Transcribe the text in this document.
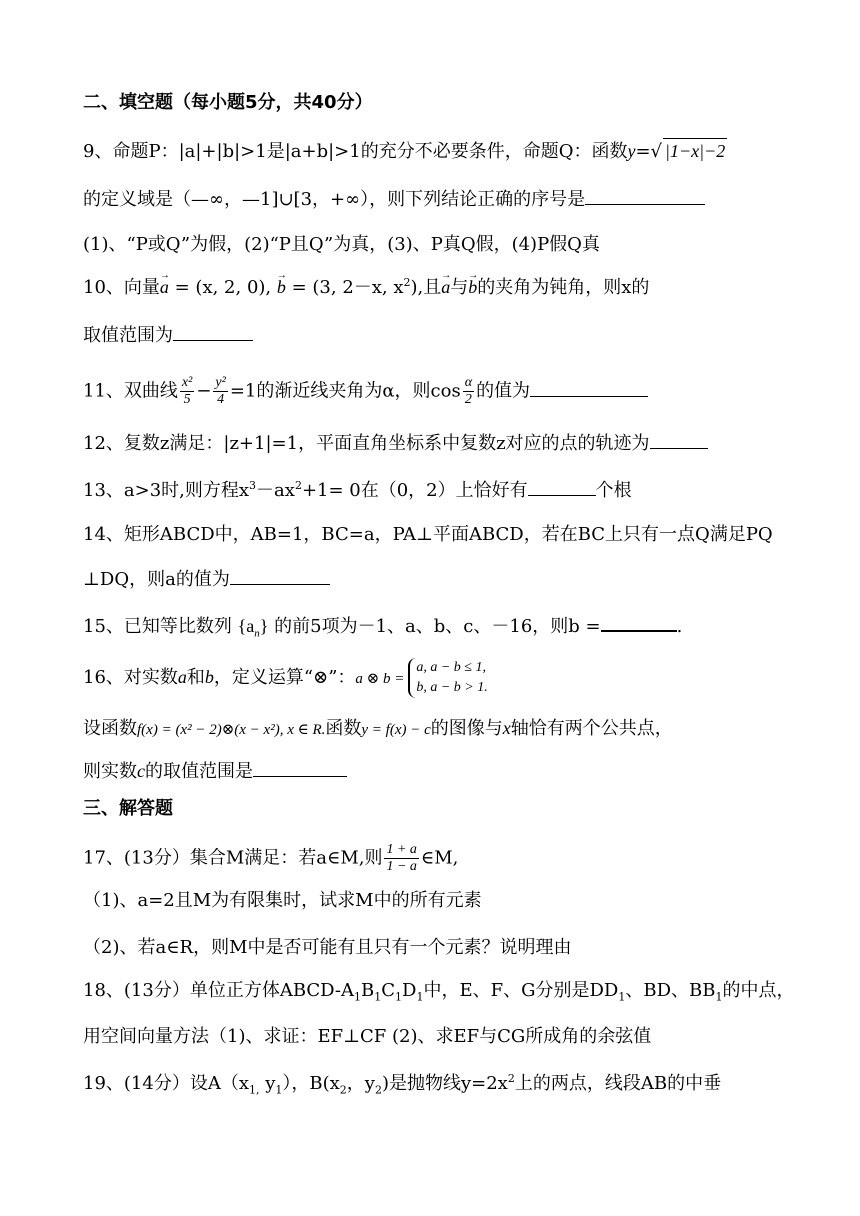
二、填空题（每小题5分，共40分）
9、命题P：|a|+|b|>1是|a+b|>1的充分不必要条件，命题Q：函数y=√ |1−x|−2
的定义域是（—∞，—1]∪[3，+∞），则下列结论正确的序号是
(1)、“P或Q”为假，(2)“P且Q”为真，(3)、P真Q假，(4)P假Q真
10、向量→ a = (x, 2, 0), → b = (3, 2－x, $x^2$),且→ a与→ b的夹角为钝角，则x的
取值范围为
11、双曲线 $\frac{\text{x²}}{5} - \frac{\text{y²}}{4} =1$的渐近线夹角为α，则$\cos \frac{\alpha}{2}$ 的值为
12、复数z满足：|z+1|=1，平面直角坐标系中复数z对应的点的轨迹为
13、a>3时,则方程$x^3-ax^2+1= 0$在（0，2）上恰好有	个根
14、矩形ABCD中，AB=1，BC=a，PA⊥平面ABCD，若在BC上只有一点Q满足PQ
⊥DQ，则a的值为
15、已知等比数列 $\{a_n\}$ 的前5项为－1、a、b、c、－16，则b =	.
16、对实数a和b，定义运算“⊗”：a ⊗ b =
a, a − b ≤ 1,
b, a − b > 1.
设函数f(x) = (x² − 2)⊗(x − x²), x ∈ R.函数y = f(x) − c的图像与x轴恰有两个公共点，
则实数c的取值范围是
三、解答题
17、(13分）集合M满足：若a∈M,则 $\frac{1 + a}{1 - a}$ ∈M,
（1)、a=2且M为有限集时，试求M中的所有元素
（2)、若a∈R，则M中是否可能有且只有一个元素？说明理由
18、(13分）单位正方体ABCD-$A_1B_1C_1D_1$中，E、F、G分别是$DD_1$、BD、$BB_1$的中点，
用空间向量方法（1)、求证：EF⊥CF (2)、求EF与CG所成角的余弦值
19、(14分）设$A(x_{1,}$ $y_1$），$B(x_2$，$y_2$)是抛物线$y=2x^2$上的两点，线段AB的中垂
